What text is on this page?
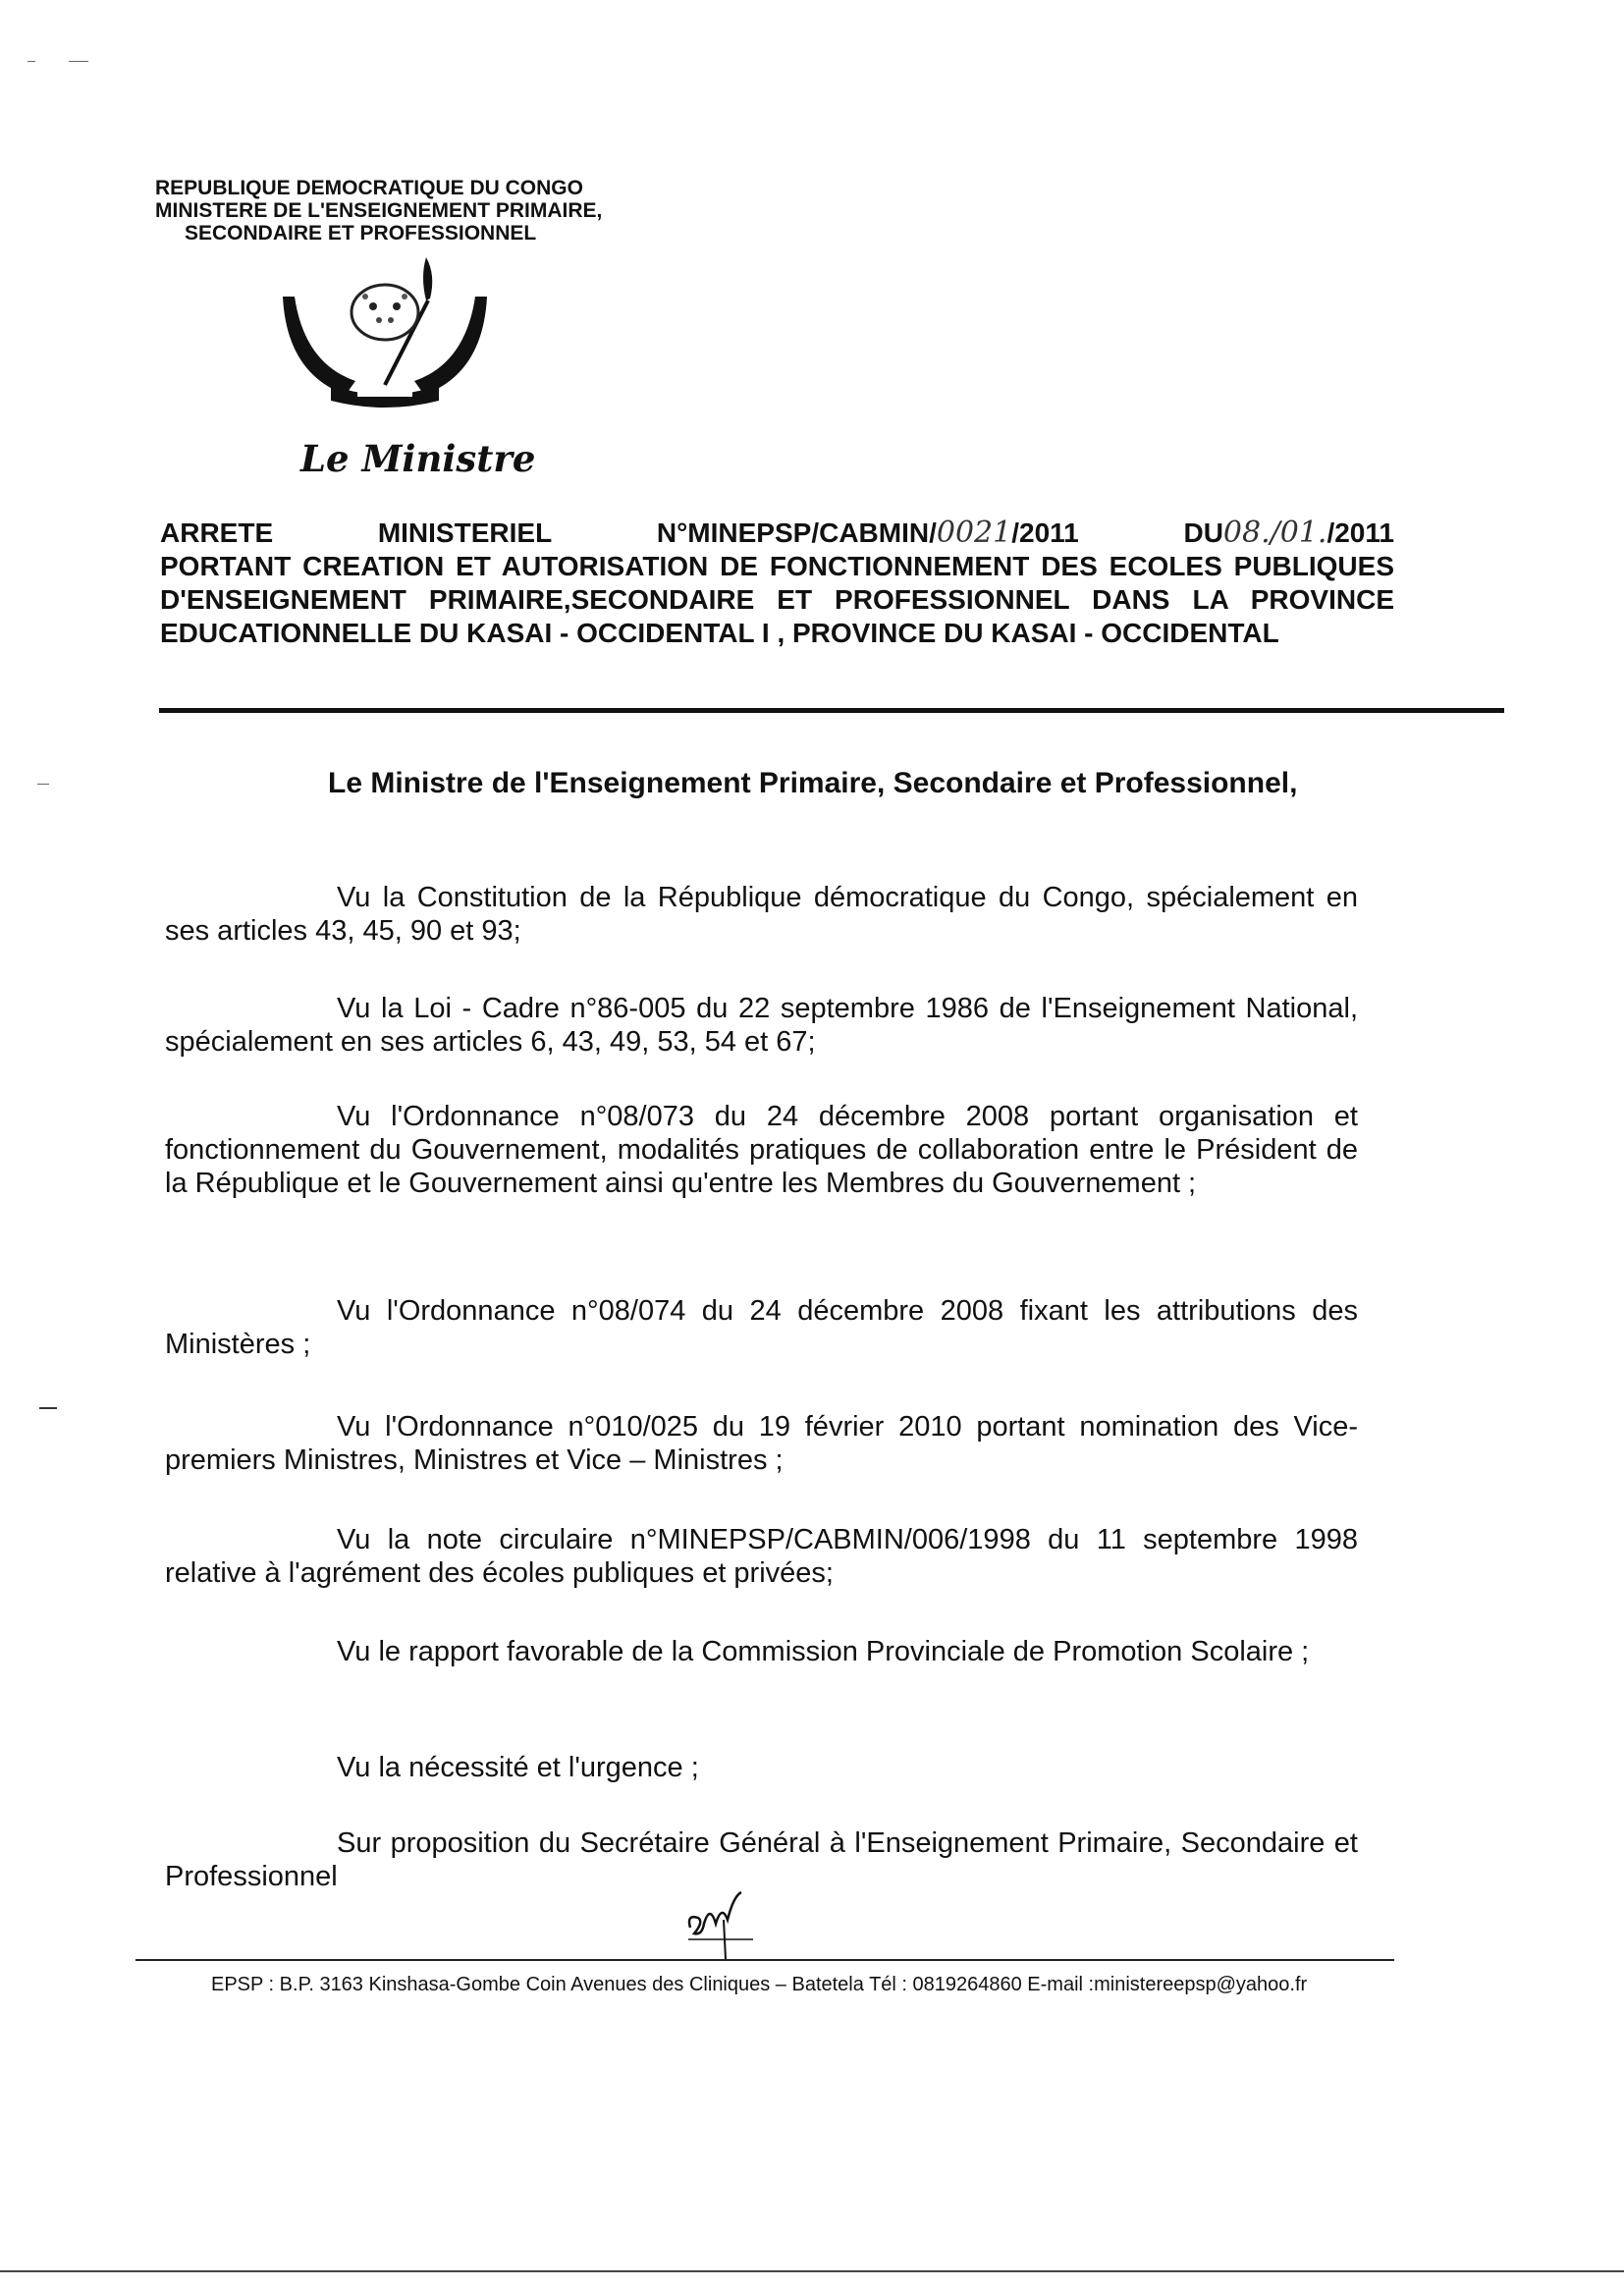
REPUBLIQUE DEMOCRATIQUE DU CONGO
MINISTERE DE L'ENSEIGNEMENT PRIMAIRE,
SECONDAIRE ET PROFESSIONNEL
Le Ministre
ARRETE	MINISTERIEL	N°MINEPSP/CABMIN/0021/2011	DU08./01./2011
PORTANT CREATION ET AUTORISATION DE FONCTIONNEMENT DES ECOLES PUBLIQUES D'ENSEIGNEMENT PRIMAIRE,SECONDAIRE ET PROFESSIONNEL DANS LA PROVINCE EDUCATIONNELLE DU KASAI - OCCIDENTAL I , PROVINCE DU KASAI - OCCIDENTAL
Le Ministre de l'Enseignement Primaire, Secondaire et Professionnel,
Vu la Constitution de la République démocratique du Congo, spécialement en ses articles 43, 45, 90 et 93;
Vu la Loi - Cadre n°86-005 du 22 septembre 1986 de l'Enseignement National, spécialement en ses articles 6, 43, 49, 53, 54 et 67;
Vu l'Ordonnance n°08/073 du 24 décembre 2008 portant organisation et fonctionnement du Gouvernement, modalités pratiques de collaboration entre le Président de la République et le Gouvernement ainsi qu'entre les Membres du Gouvernement ;
Vu l'Ordonnance n°08/074 du 24 décembre 2008 fixant les attributions des Ministères ;
Vu l'Ordonnance n°010/025 du 19 février 2010 portant nomination des Vice-premiers Ministres, Ministres et Vice – Ministres ;
Vu la note circulaire n°MINEPSP/CABMIN/006/1998 du 11 septembre 1998 relative à l'agrément des écoles publiques et privées;
Vu le rapport favorable de la Commission Provinciale de Promotion Scolaire ;
Vu la nécessité et l'urgence ;
Sur proposition du Secrétaire Général à l'Enseignement Primaire, Secondaire et Professionnel
EPSP : B.P. 3163 Kinshasa-Gombe Coin Avenues des Cliniques – Batetela Tél : 0819264860 E-mail :ministereepsp@yahoo.fr
